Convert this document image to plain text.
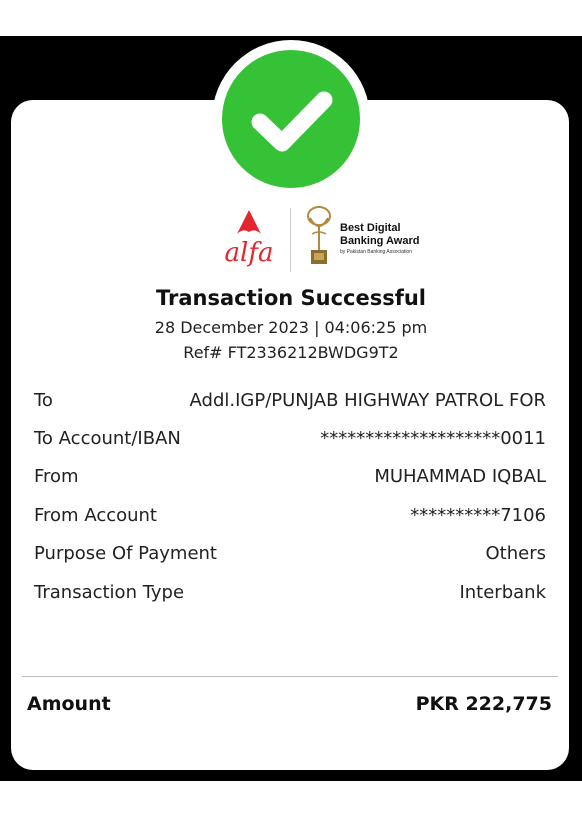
alfa
Best Digital
Banking Award
by Pakistan Banking Association
Transaction Successful
28 December 2023 | 04:06:25 pm
Ref# FT2336212BWDG9T2
To	Addl.IGP/PUNJAB HIGHWAY PATROL FOR
To Account/IBAN	********************0011
From	MUHAMMAD IQBAL
From Account	**********7106
Purpose Of Payment	Others
Transaction Type	Interbank
Amount	PKR 222,775
